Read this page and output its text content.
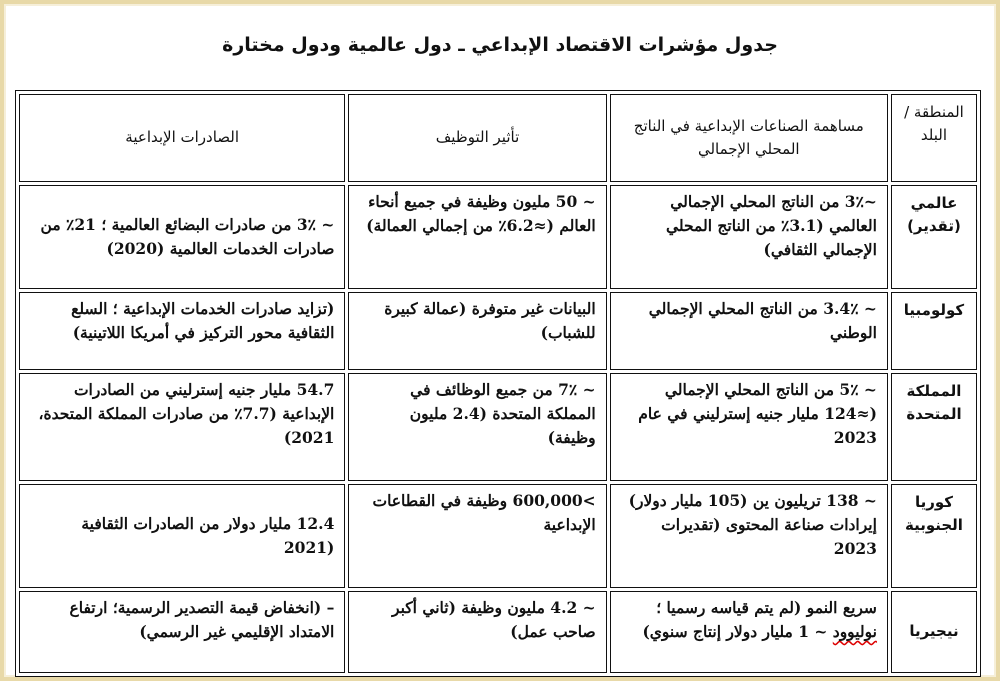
جدول مؤشرات الاقتصاد الإبداعي ـ دول عالمية ودول مختارة
المنطقة / البلد	مساهمة الصناعات الإبداعية في الناتج المحلي الإجمالي	تأثير التوظيف	الصادرات الإبداعية
عالمي (تقدير)	~3٪ من الناتج المحلي الإجمالي العالمي (3.1٪ من الناتج المحلي الإجمالي الثقافي)	~ 50 مليون وظيفة في جميع أنحاء العالم (≈6.2٪ من إجمالي العمالة)	~ 3٪ من صادرات البضائع العالمية ؛ 21٪ من صادرات الخدمات العالمية (2020)
كولومبيا	~ 3.4٪ من الناتج المحلي الإجمالي الوطني	البيانات غير متوفرة (عمالة كبيرة للشباب)	(تزايد صادرات الخدمات الإبداعية ؛ السلع الثقافية محور التركيز في أمريكا اللاتينية)
المملكة المتحدة	~ 5٪ من الناتج المحلي الإجمالي (≈124 مليار جنيه إسترليني في عام 2023	~ 7٪ من جميع الوظائف في المملكة المتحدة (2.4 مليون وظيفة)	54.7 مليار جنيه إسترليني من الصادرات الإبداعية (7.7٪ من صادرات المملكة المتحدة، 2021)
كوريا الجنوبية	~ 138 تريليون ين (105 مليار دولار) إيرادات صناعة المحتوى (تقديرات 2023	>600,000 وظيفة في القطاعات الإبداعية	12.4 مليار دولار من الصادرات الثقافية (2021
نيجيريا	سريع النمو (لم يتم قياسه رسميا ؛ نوليوود ~ 1 مليار دولار إنتاج سنوي)	~ 4.2 مليون وظيفة (ثاني أكبر صاحب عمل)	– (انخفاض قيمة التصدير الرسمية؛ ارتفاع الامتداد الإقليمي غير الرسمي)
